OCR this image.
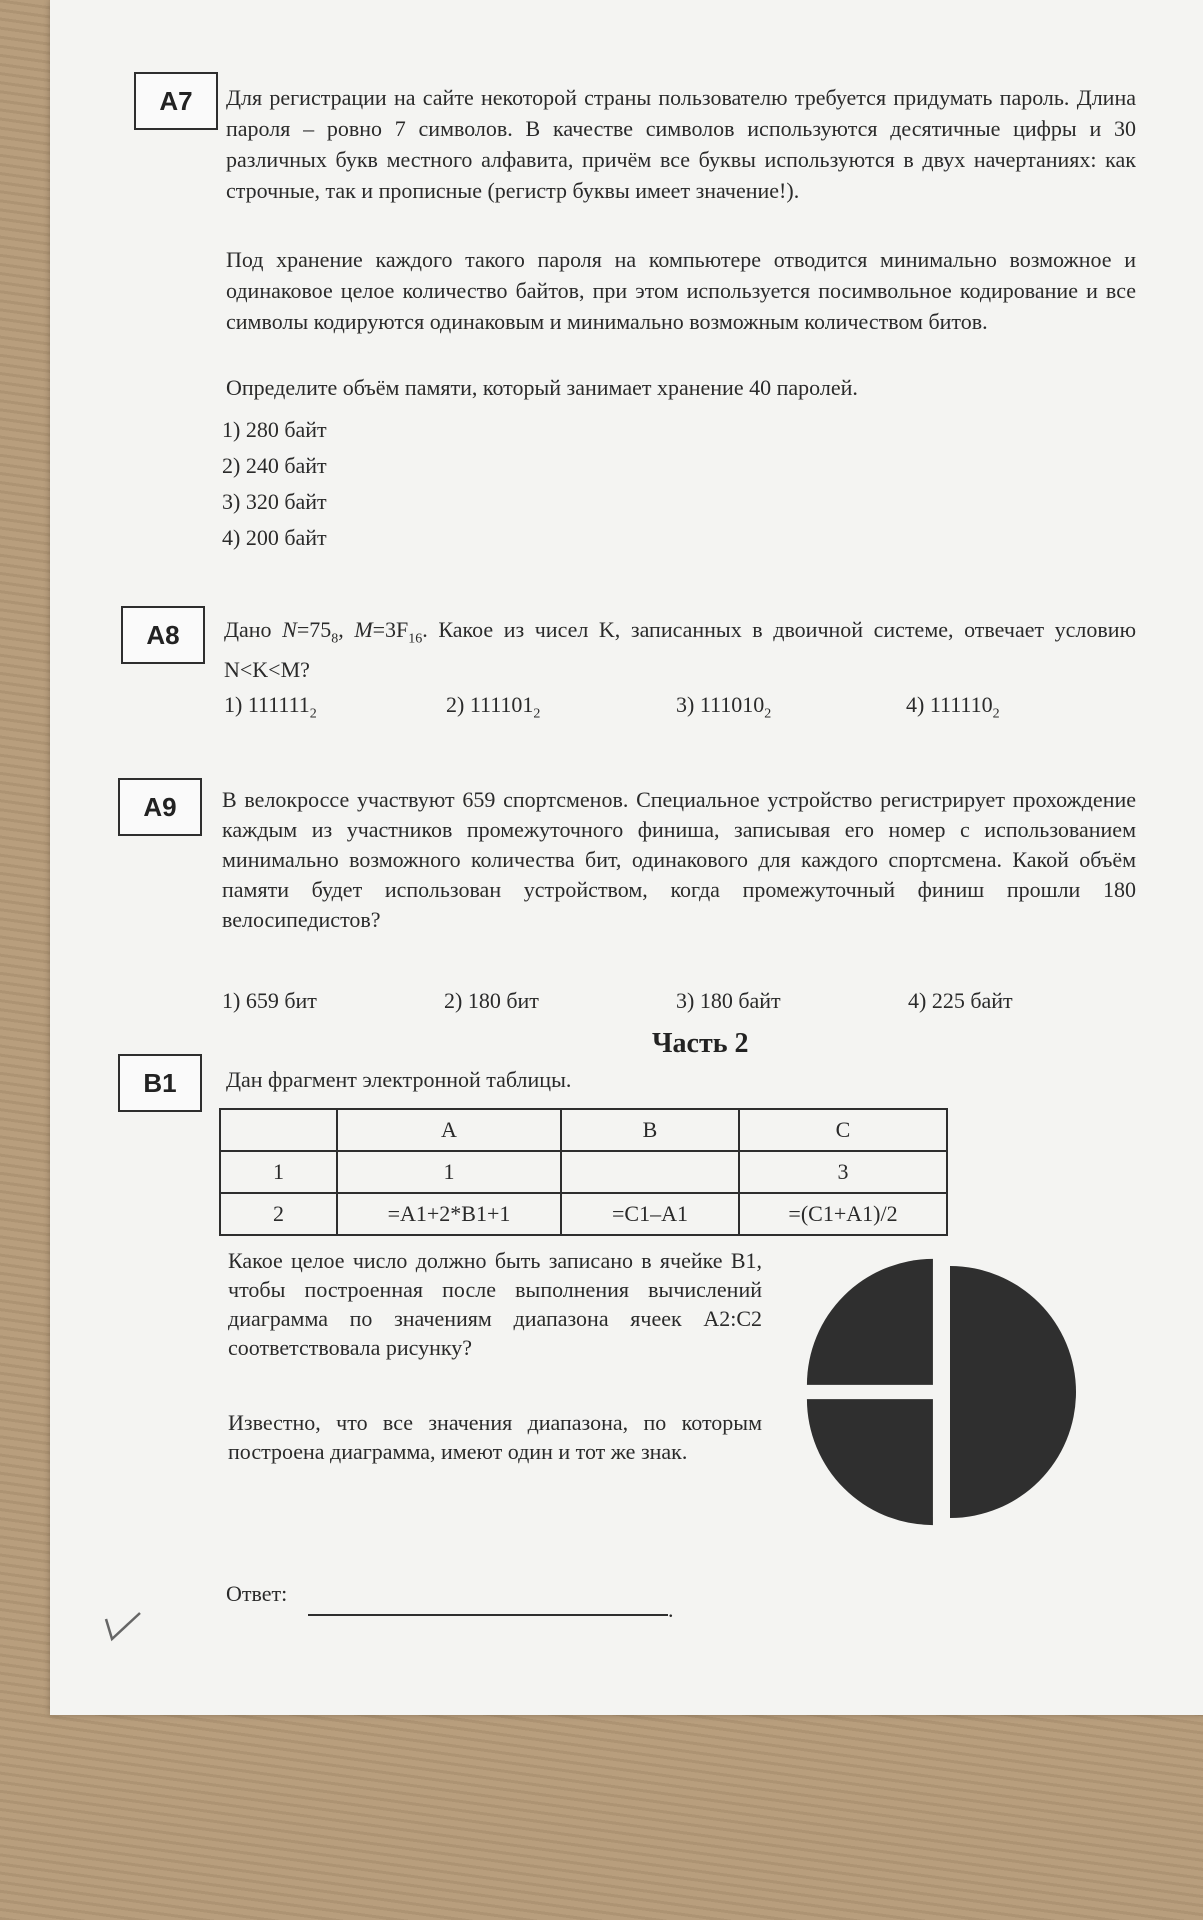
A7	Для регистрации на сайте некоторой страны пользователю требуется придумать пароль. Длина пароля – ровно 7 символов. В качестве символов используются десятичные цифры и 30 различных букв местного алфавита, причём все буквы используются в двух начертаниях: как строчные, так и прописные (регистр буквы имеет значение!).

Под хранение каждого такого пароля на компьютере отводится минимально возможное и одинаковое целое количество байтов, при этом используется посимвольное кодирование и все символы кодируются одинаковым и минимально возможным количеством битов.

Определите объём памяти, который занимает хранение 40 паролей.

1) 280 байт
2) 240 байт
3) 320 байт
4) 200 байт
A8	Дано $N=75_8$, $M=3F_{16}$. Какое из чисел K, записанных в двоичной системе, отвечает условию N<K<M?

1) $111111_2$	2) $111101_2$	3) $111010_2$	4) $111110_2$
A9	В велокроссе участвуют 659 спортсменов. Специальное устройство регистрирует прохождение каждым из участников промежуточного финиша, записывая его номер с использованием минимально возможного количества бит, одинакового для каждого спортсмена. Какой объём памяти будет использован устройством, когда промежуточный финиш прошли 180 велосипедистов?

1) 659 бит	2) 180 бит	3) 180 байт	4) 225 байт
Часть 2
B1	Дан фрагмент электронной таблицы.

	A	B	C
1	1		3
2	=A1+2*B1+1	=C1–A1	=(C1+A1)/2

Какое целое число должно быть записано в ячейке B1, чтобы построенная после выполнения вычислений диаграмма по значениям диапазона ячеек A2:C2 соответствовала рисунку?

Известно, что все значения диапазона, по которым построена диаграмма, имеют один и тот же знак.

Ответ:
.
